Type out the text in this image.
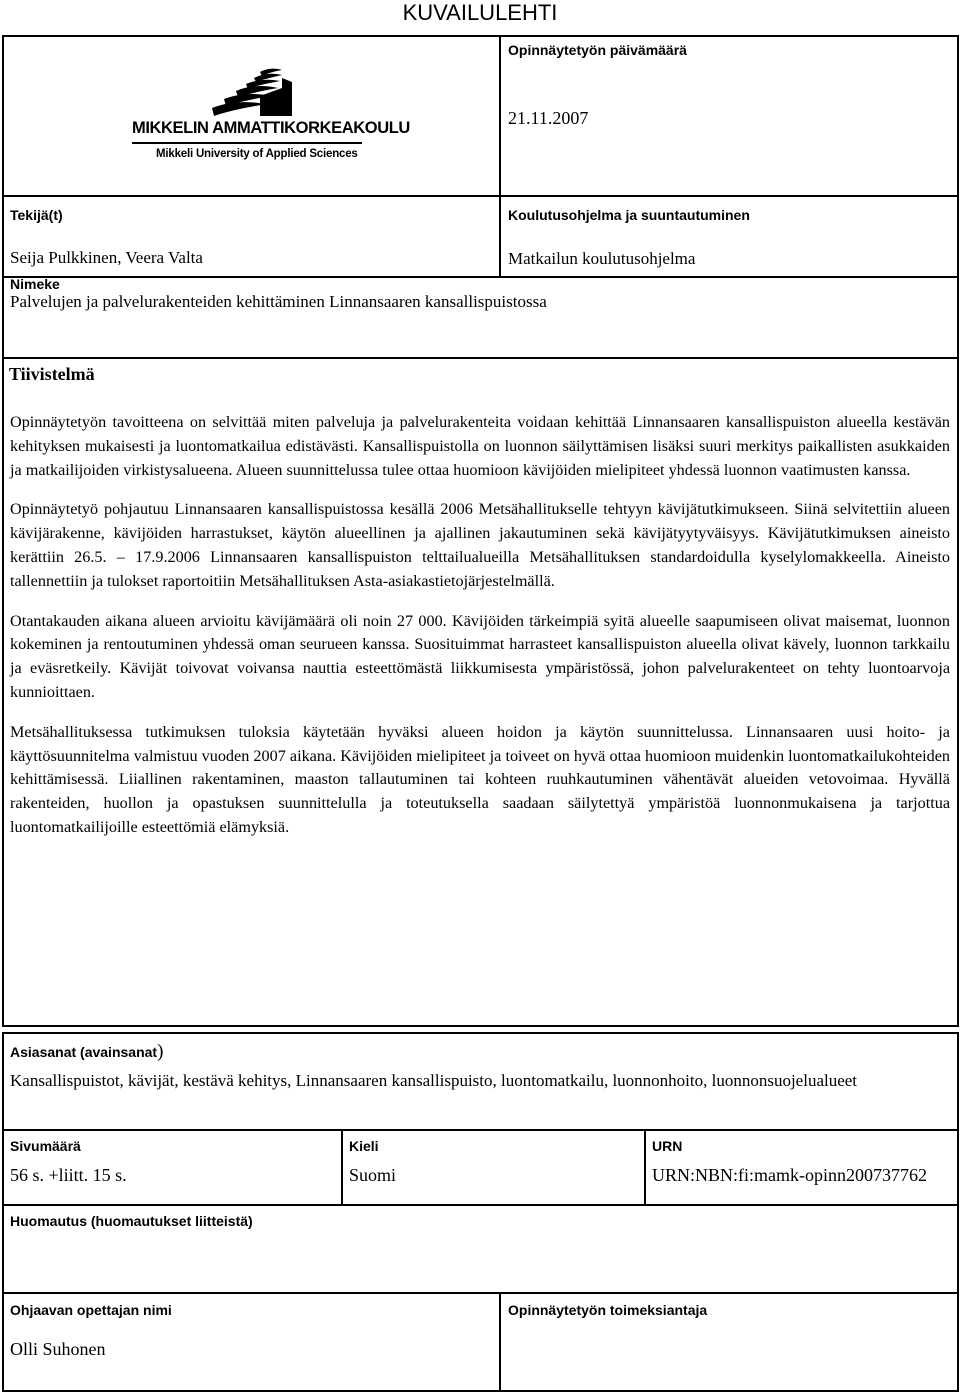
KUVAILULEHTI
MIKKELIN AMMATTIKORKEAKOULU
Mikkeli University of Applied Sciences
Opinnäytetyön päivämäärä
21.11.2007
Tekijä(t)
Seija Pulkkinen, Veera Valta
Koulutusohjelma ja suuntautuminen
Matkailun koulutusohjelma
Nimeke
Palvelujen ja palvelurakenteiden kehittäminen Linnansaaren kansallispuistossa
Tiivistelmä

Opinnäytetyön tavoitteena on selvittää miten palveluja ja palvelurakenteita voidaan kehittää Linnansaaren kansallispuiston alueella kestävän kehityksen mukaisesti ja luontomatkailua edistävästi. Kansallispuistolla on luonnon säilyttämisen lisäksi suuri merkitys paikallisten asukkaiden ja matkailijoiden virkistysalueena. Alueen suunnittelussa tulee ottaa huomioon kävijöiden mielipiteet yhdessä luonnon vaatimusten kanssa.

Opinnäytetyö pohjautuu Linnansaaren kansallispuistossa kesällä 2006 Metsähallitukselle tehtyyn kävijätutkimukseen. Siinä selvitettiin alueen kävijärakenne, kävijöiden harrastukset, käytön alueellinen ja ajallinen jakautuminen sekä kävijätyytyväisyys. Kävijätutkimuksen aineisto kerättiin 26.5. – 17.9.2006 Linnansaaren kansallispuiston telttailualueilla Metsähallituksen standardoidulla kyselylomakkeella. Aineisto tallennettiin ja tulokset raportoitiin Metsähallituksen Asta-asiakastietojärjestelmällä.

Otantakauden aikana alueen arvioitu kävijämäärä oli noin 27 000. Kävijöiden tärkeimpiä syitä alueelle saapumiseen olivat maisemat, luonnon kokeminen ja rentoutuminen yhdessä oman seurueen kanssa. Suosituimmat harrasteet kansallispuiston alueella olivat kävely, luonnon tarkkailu ja eväsretkeily. Kävijät toivovat voivansa nauttia esteettömästä liikkumisesta ympäristössä, johon palvelurakenteet on tehty luontoarvoja kunnioittaen.

Metsähallituksessa tutkimuksen tuloksia käytetään hyväksi alueen hoidon ja käytön suunnittelussa. Linnansaaren uusi hoito- ja käyttösuunnitelma valmistuu vuoden 2007 aikana. Kävijöiden mielipiteet ja toiveet on hyvä ottaa huomioon muidenkin luontomatkailukohteiden kehittämisessä. Liiallinen rakentaminen, maaston tallautuminen tai kohteen ruuhkautuminen vähentävät alueiden vetovoimaa. Hyvällä rakenteiden, huollon ja opastuksen suunnittelulla ja toteutuksella saadaan säilytettyä ympäristöä luonnonmukaisena ja tarjottua luontomatkailijoille esteettömiä elämyksiä.

Asiasanat (avainsanat)
Kansallispuistot, kävijät, kestävä kehitys, Linnansaaren kansallispuisto, luontomatkailu, luonnonhoito, luonnonsuojelualueet
Sivumäärä
56 s. +liitt. 15 s.
Kieli
Suomi
URN
URN:NBN:fi:mamk-opinn200737762
Huomautus (huomautukset liitteistä)
Ohjaavan opettajan nimi
Olli Suhonen
Opinnäytetyön toimeksiantaja
